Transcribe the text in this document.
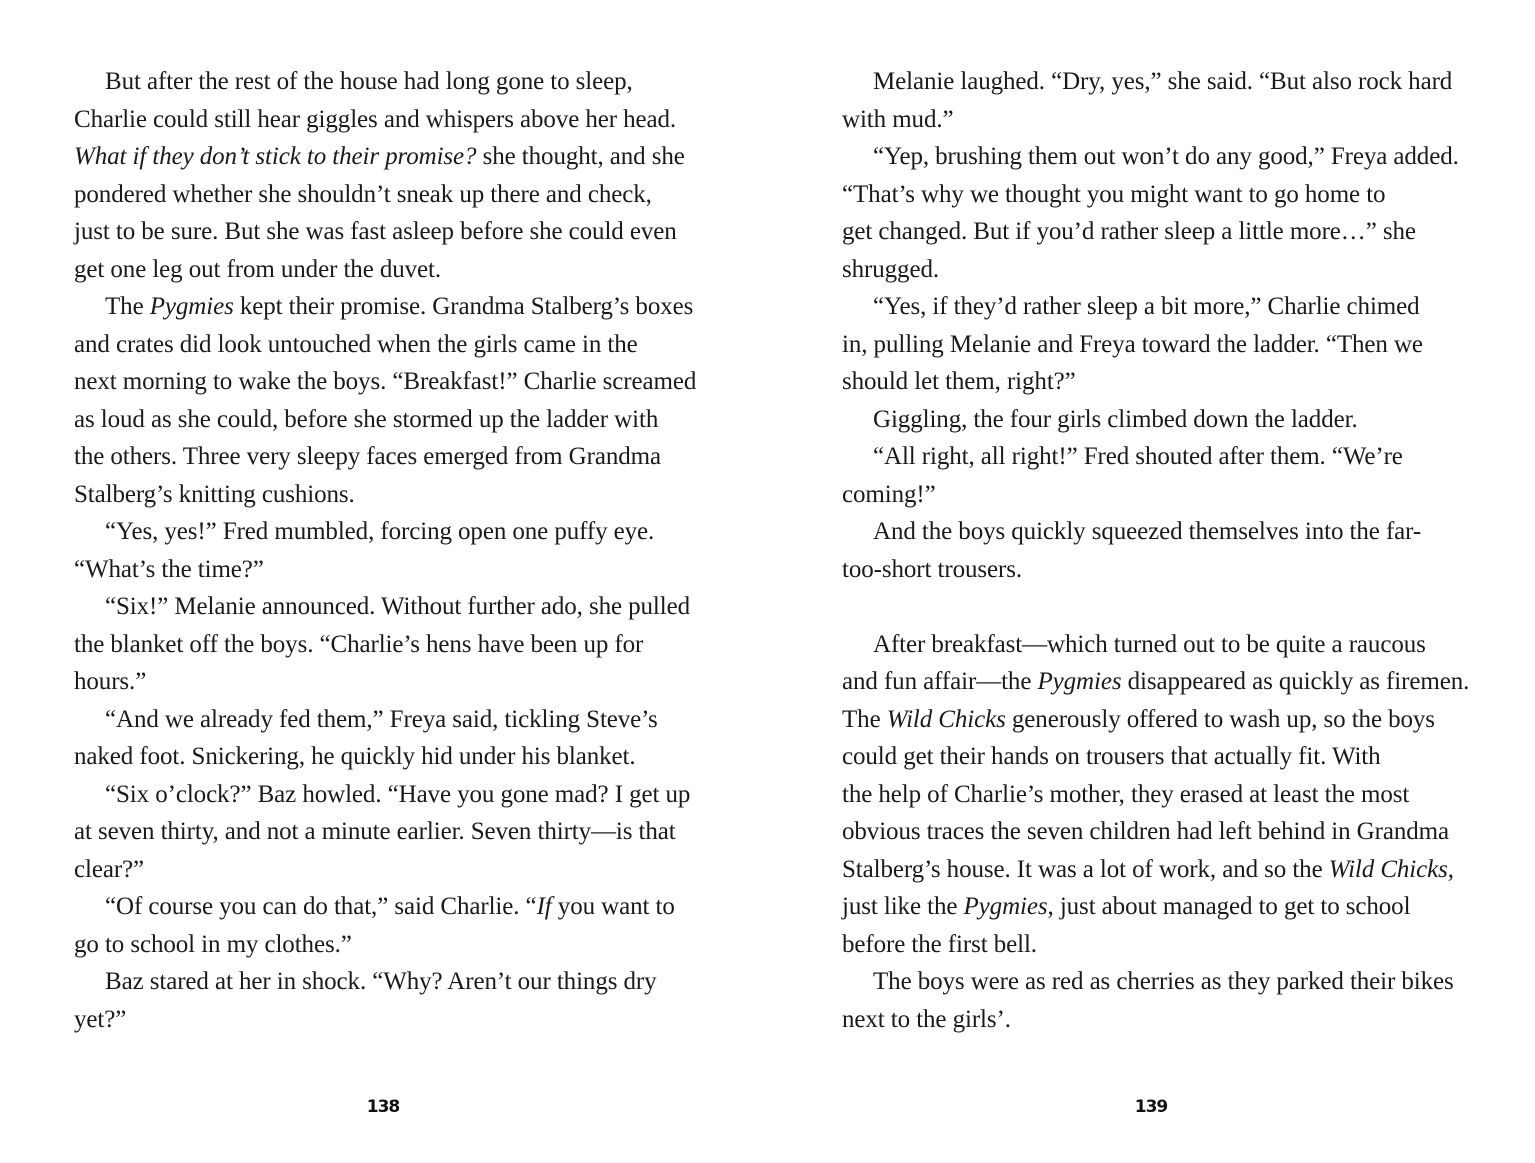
But after the rest of the house had long gone to sleep,
Charlie could still hear giggles and whispers above her head.
What if they don’t stick to their promise? she thought, and she
pondered whether she shouldn’t sneak up there and check,
just to be sure. But she was fast asleep before she could even
get one leg out from under the duvet.
The Pygmies kept their promise. Grandma Stalberg’s boxes
and crates did look untouched when the girls came in the
next morning to wake the boys. “Breakfast!” Charlie screamed
as loud as she could, before she stormed up the ladder with
the others. Three very sleepy faces emerged from Grandma
Stalberg’s knitting cushions.
“Yes, yes!” Fred mumbled, forcing open one puffy eye.
“What’s the time?”
“Six!” Melanie announced. Without further ado, she pulled
the blanket off the boys. “Charlie’s hens have been up for
hours.”
“And we already fed them,” Freya said, tickling Steve’s
naked foot. Snickering, he quickly hid under his blanket.
“Six o’clock?” Baz howled. “Have you gone mad? I get up
at seven thirty, and not a minute earlier. Seven thirty—is that
clear?”
“Of course you can do that,” said Charlie. “If you want to
go to school in my clothes.”
Baz stared at her in shock. “Why? Aren’t our things dry
yet?”
138
Melanie laughed. “Dry, yes,” she said. “But also rock hard
with mud.”
“Yep, brushing them out won’t do any good,” Freya added.
“That’s why we thought you might want to go home to
get changed. But if you’d rather sleep a little more…” she
shrugged.
“Yes, if they’d rather sleep a bit more,” Charlie chimed
in, pulling Melanie and Freya toward the ladder. “Then we
should let them, right?”
Giggling, the four girls climbed down the ladder.
“All right, all right!” Fred shouted after them. “We’re
coming!”
And the boys quickly squeezed themselves into the far-
too-short trousers.
After breakfast—which turned out to be quite a raucous
and fun affair—the Pygmies disappeared as quickly as firemen.
The Wild Chicks generously offered to wash up, so the boys
could get their hands on trousers that actually fit. With
the help of Charlie’s mother, they erased at least the most
obvious traces the seven children had left behind in Grandma
Stalberg’s house. It was a lot of work, and so the Wild Chicks,
just like the Pygmies, just about managed to get to school
before the first bell.
The boys were as red as cherries as they parked their bikes
next to the girls’.
139
